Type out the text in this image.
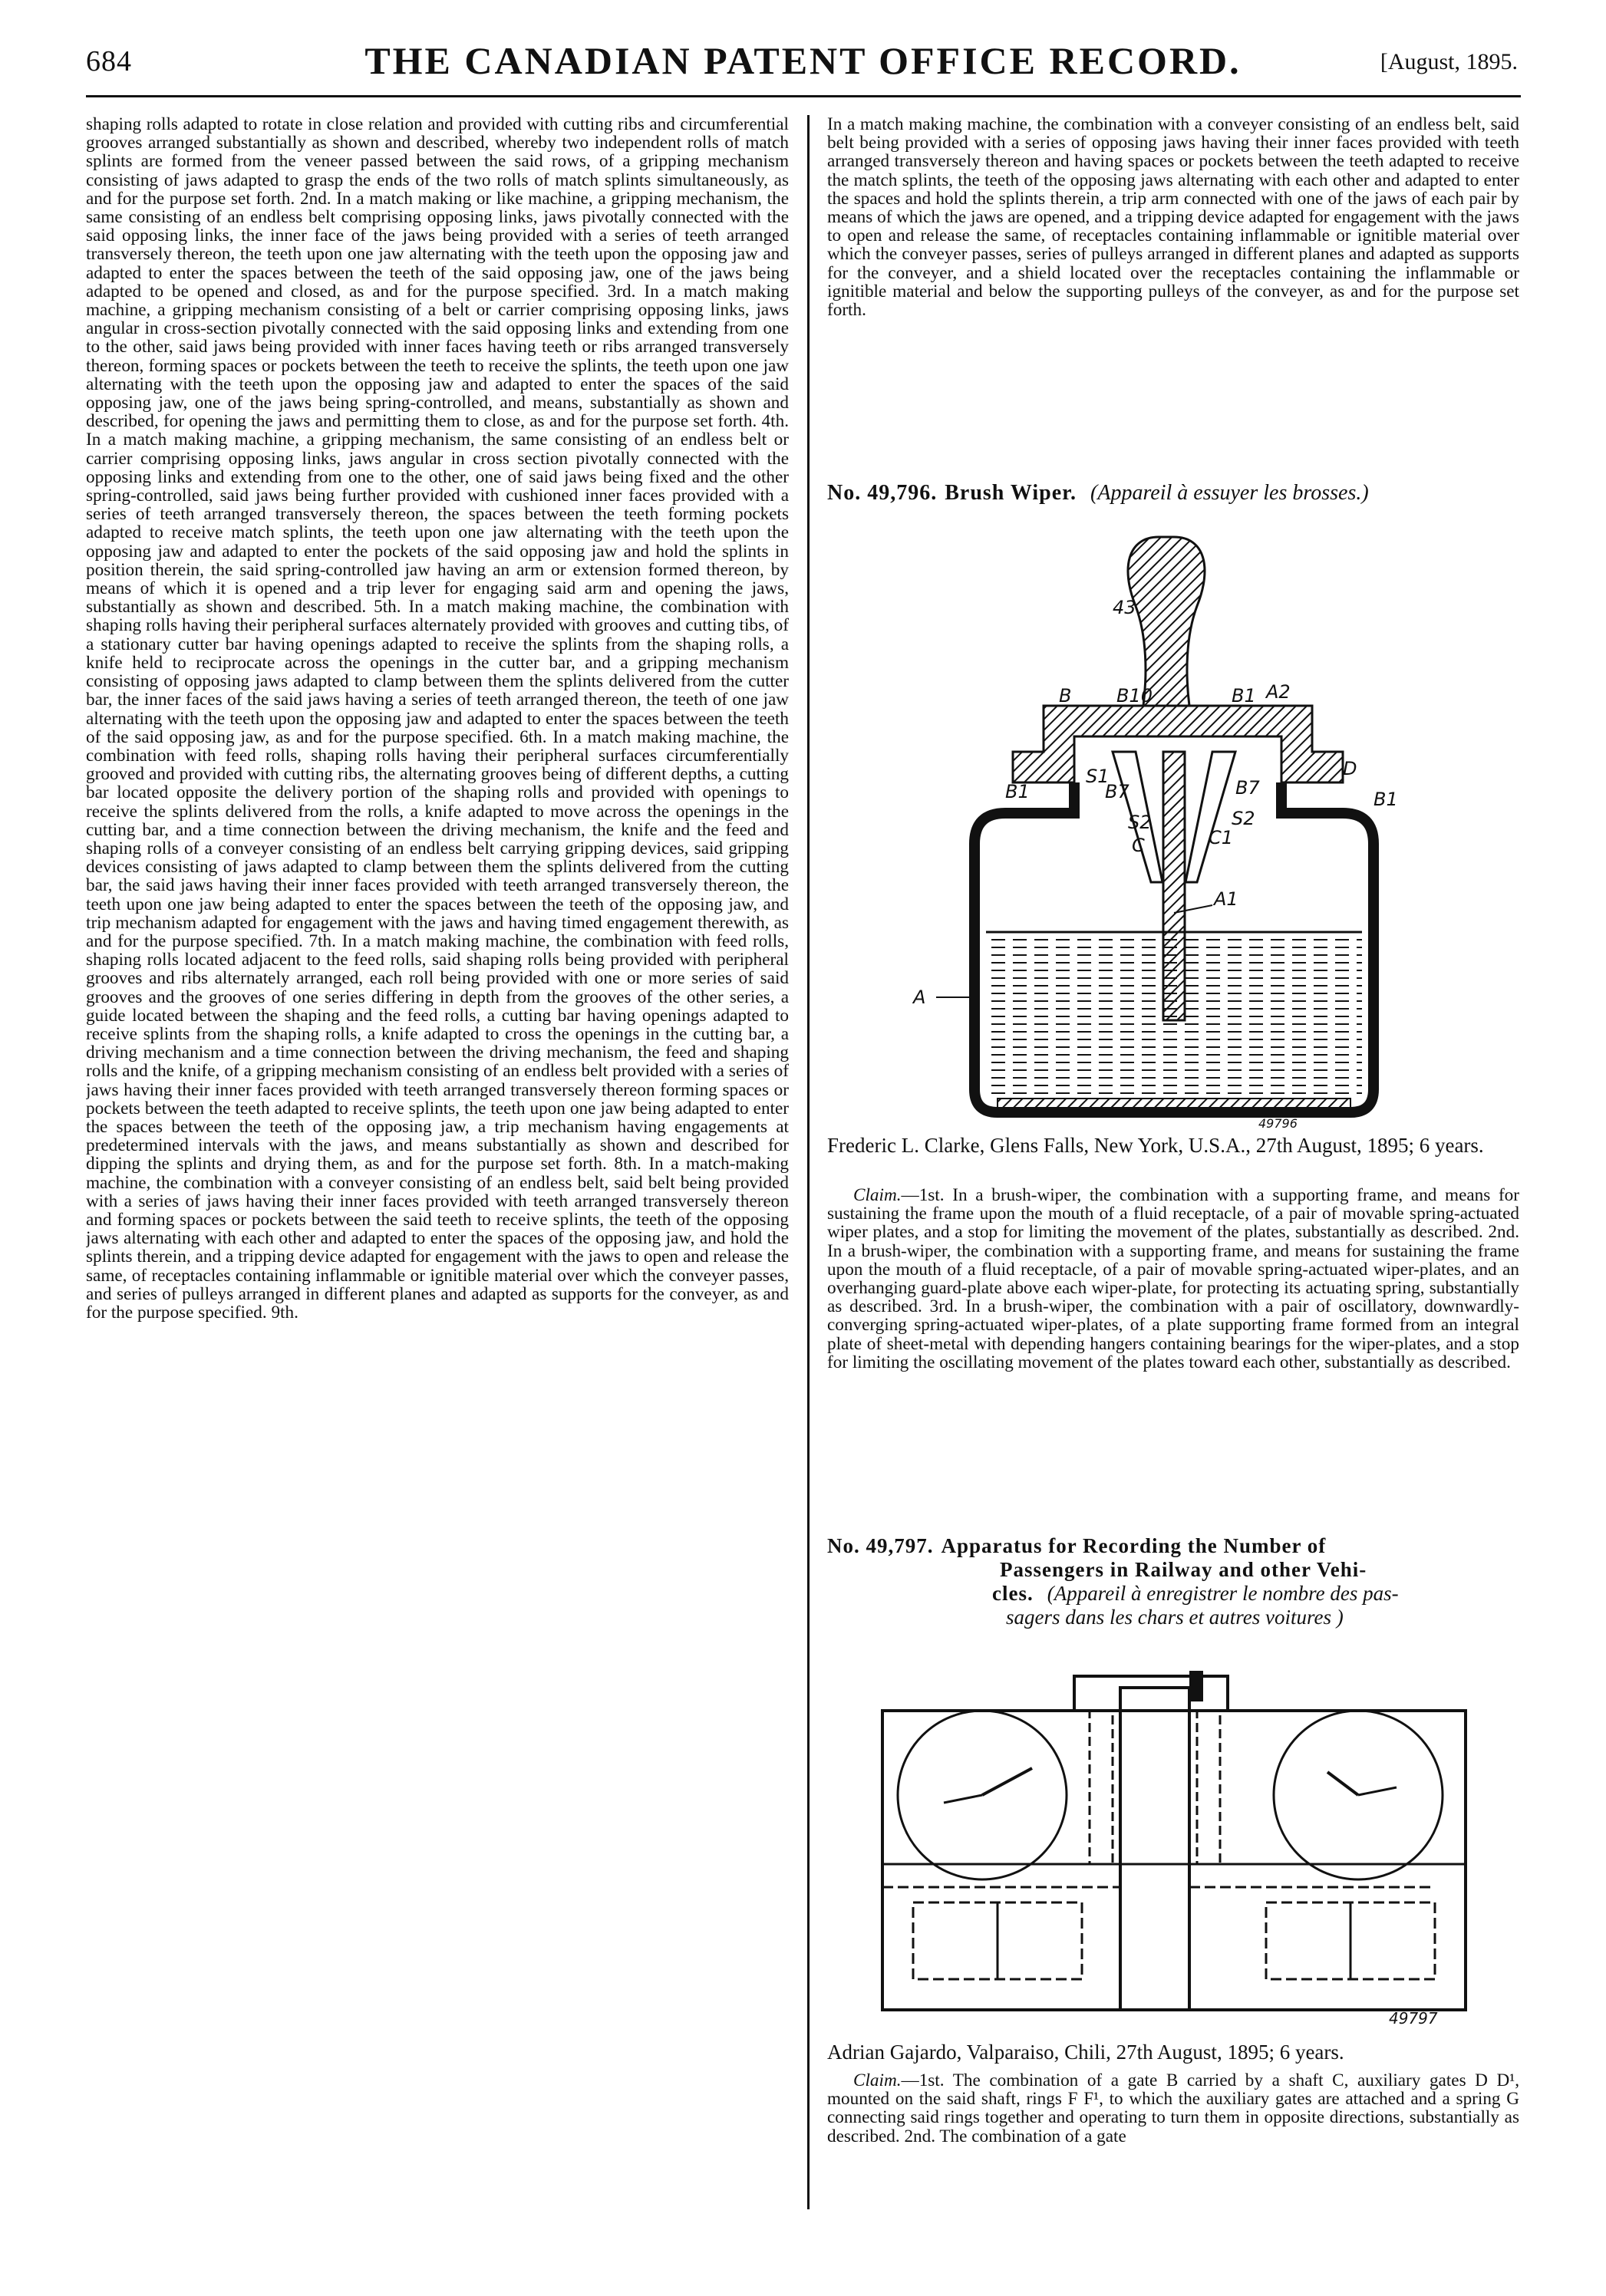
684	THE CANADIAN PATENT OFFICE RECORD.	[August, 1895.

shaping rolls adapted to rotate in close relation and provided with cutting ribs and circumferential grooves arranged substantially as shown and described, whereby two independent rolls of match splints are formed from the veneer passed between the said rows, of a gripping mechanism consisting of jaws adapted to grasp the ends of the two rolls of match splints simultaneously, as and for the purpose set forth. 2nd. In a match making or like machine, a gripping mechanism, the same consisting of an endless belt comprising opposing links, jaws pivotally connected with the said opposing links, the inner face of the jaws being provided with a series of teeth arranged transversely thereon, the teeth upon one jaw alternating with the teeth upon the opposing jaw and adapted to enter the spaces between the teeth of the said opposing jaw, one of the jaws being adapted to be opened and closed, as and for the purpose specified. 3rd. In a match making machine, a gripping mechanism consisting of a belt or carrier comprising opposing links, jaws angular in cross-section pivotally connected with the said opposing links and extending from one to the other, said jaws being provided with inner faces having teeth or ribs arranged transversely thereon, forming spaces or pockets between the teeth to receive the splints, the teeth upon one jaw alternating with the teeth upon the opposing jaw and adapted to enter the spaces of the said opposing jaw, one of the jaws being spring-controlled, and means, substantially as shown and described, for opening the jaws and permitting them to close, as and for the purpose set forth. 4th. In a match making machine, a gripping mechanism, the same consisting of an endless belt or carrier comprising opposing links, jaws angular in cross section pivotally connected with the opposing links and extending from one to the other, one of said jaws being fixed and the other spring-controlled, said jaws being further provided with cushioned inner faces provided with a series of teeth arranged transversely thereon, the spaces between the teeth forming pockets adapted to receive match splints, the teeth upon one jaw alternating with the teeth upon the opposing jaw and adapted to enter the pockets of the said opposing jaw and hold the splints in position therein, the said spring-controlled jaw having an arm or extension formed thereon, by means of which it is opened and a trip lever for engaging said arm and opening the jaws, substantially as shown and described. 5th. In a match making machine, the combination with shaping rolls having their peripheral surfaces alternately provided with grooves and cutting tibs, of a stationary cutter bar having openings adapted to receive the splints from the shaping rolls, a knife held to reciprocate across the openings in the cutter bar, and a gripping mechanism consisting of opposing jaws adapted to clamp between them the splints delivered from the cutter bar, the inner faces of the said jaws having a series of teeth arranged thereon, the teeth of one jaw alternating with the teeth upon the opposing jaw and adapted to enter the spaces between the teeth of the said opposing jaw, as and for the purpose specified. 6th. In a match making machine, the combination with feed rolls, shaping rolls having their peripheral surfaces circumferentially grooved and provided with cutting ribs, the alternating grooves being of different depths, a cutting bar located opposite the delivery portion of the shaping rolls and provided with openings to receive the splints delivered from the rolls, a knife adapted to move across the openings in the cutting bar, and a time connection between the driving mechanism, the knife and the feed and shaping rolls of a conveyer consisting of an endless belt carrying gripping devices, said gripping devices consisting of jaws adapted to clamp between them the splints delivered from the cutting bar, the said jaws having their inner faces provided with teeth arranged transversely thereon, the teeth upon one jaw being adapted to enter the spaces between the teeth of the opposing jaw, and trip mechanism adapted for engagement with the jaws and having timed engagement therewith, as and for the purpose specified. 7th. In a match making machine, the combination with feed rolls, shaping rolls located adjacent to the feed rolls, said shaping rolls being provided with peripheral grooves and ribs alternately arranged, each roll being provided with one or more series of said grooves and the grooves of one series differing in depth from the grooves of the other series, a guide located between the shaping and the feed rolls, a cutting bar having openings adapted to receive splints from the shaping rolls, a knife adapted to cross the openings in the cutting bar, a driving mechanism and a time connection between the driving mechanism, the feed and shaping rolls and the knife, of a gripping mechanism consisting of an endless belt provided with a series of jaws having their inner faces provided with teeth arranged transversely thereon forming spaces or pockets between the teeth adapted to receive splints, the teeth upon one jaw being adapted to enter the spaces between the teeth of the opposing jaw, a trip mechanism having engagements at predetermined intervals with the jaws, and means substantially as shown and described for dipping the splints and drying them, as and for the purpose set forth. 8th. In a match-making machine, the combination with a conveyer consisting of an endless belt, said belt being provided with a series of jaws having their inner faces provided with teeth arranged transversely thereon and forming spaces or pockets between the said teeth to receive splints, the teeth of the opposing jaws alternating with each other and adapted to enter the spaces of the opposing jaw, and hold the splints therein, and a tripping device adapted for engagement with the jaws to open and release the same, of receptacles containing inflammable or ignitible material over which the conveyer passes, and series of pulleys arranged in different planes and adapted as supports for the conveyer, as and for the purpose specified. 9th.

In a match making machine, the combination with a conveyer consisting of an endless belt, said belt being provided with a series of opposing jaws having their inner faces provided with teeth arranged transversely thereon and having spaces or pockets between the teeth adapted to receive the match splints, the teeth of the opposing jaws alternating with each other and adapted to enter the spaces and hold the splints therein, a trip arm connected with one of the jaws of each pair by means of which the jaws are opened, and a tripping device adapted for engagement with the jaws to open and release the same, of receptacles containing inflammable or ignitible material over which the conveyer passes, series of pulleys arranged in different planes and adapted as supports for the conveyer, and a shield located over the receptacles containing the inflammable or ignitible material and below the supporting pulleys of the conveyer, as and for the purpose set forth.

No. 49,796. Brush Wiper. (Appareil à essuyer les brosses.)
43
B B10	B1 A2
B1
D
B1
S1
B7	B7
S2	S2
C	C1
A1
A
49796
Frederic L. Clarke, Glens Falls, New York, U.S.A., 27th August, 1895; 6 years.

Claim.—1st. In a brush-wiper, the combination with a supporting frame, and means for sustaining the frame upon the mouth of a fluid receptacle, of a pair of movable spring-actuated wiper plates, and a stop for limiting the movement of the plates, substantially as described. 2nd. In a brush-wiper, the combination with a supporting frame, and means for sustaining the frame upon the mouth of a fluid receptacle, of a pair of movable spring-actuated wiper-plates, and an overhanging guard-plate above each wiper-plate, for protecting its actuating spring, substantially as described. 3rd. In a brush-wiper, the combination with a pair of oscillatory, downwardly-converging spring-actuated wiper-plates, of a plate supporting frame formed from an integral plate of sheet-metal with depending hangers containing bearings for the wiper-plates, and a stop for limiting the oscillating movement of the plates toward each other, substantially as described.

No. 49,797. Apparatus for Recording the Number of
Passengers in Railway and other Vehi-
cles. (Appareil à enregistrer le nombre des pas-
sagers dans les chars et autres voitures )
49797
Adrian Gajardo, Valparaiso, Chili, 27th August, 1895; 6 years.

Claim.—1st. The combination of a gate B carried by a shaft C, auxiliary gates D D¹, mounted on the said shaft, rings F F¹, to which the auxiliary gates are attached and a spring G connecting said rings together and operating to turn them in opposite directions, substantially as described. 2nd. The combination of a gate
